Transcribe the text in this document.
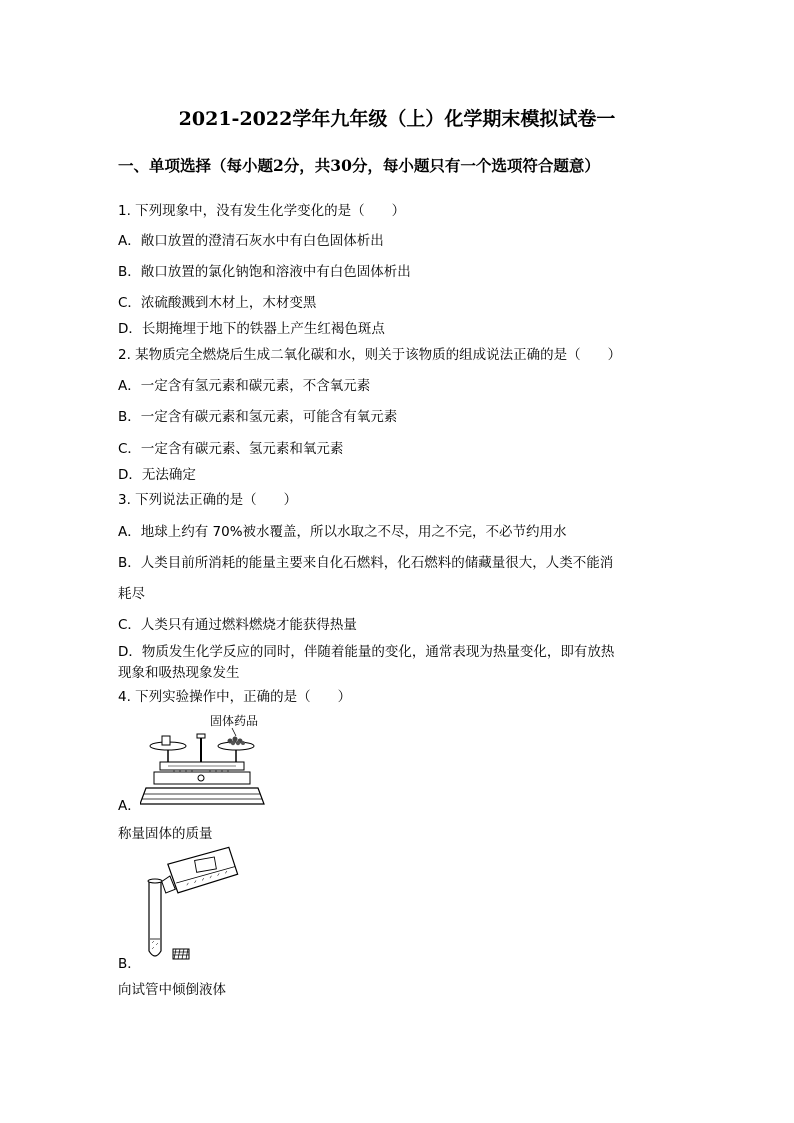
2021-2022学年九年级（上）化学期末模拟试卷一
一、单项选择（每小题2分，共30分，每小题只有一个选项符合题意）
1. 下列现象中，没有发生化学变化的是（　　）
A．敞口放置的澄清石灰水中有白色固体析出
B．敞口放置的氯化钠饱和溶液中有白色固体析出
C．浓硫酸溅到木材上，木材变黑
D．长期掩埋于地下的铁器上产生红褐色斑点
2. 某物质完全燃烧后生成二氧化碳和水，则关于该物质的组成说法正确的是（　　）
A．一定含有氢元素和碳元素，不含氧元素
B．一定含有碳元素和氢元素，可能含有氧元素
C．一定含有碳元素、氢元素和氧元素
D．无法确定
3. 下列说法正确的是（　　）
A．地球上约有 70%被水覆盖，所以水取之不尽，用之不完，不必节约用水
B．人类目前所消耗的能量主要来自化石燃料，化石燃料的储藏量很大，人类不能消
耗尽
C．人类只有通过燃料燃烧才能获得热量
D．物质发生化学反应的同时，伴随着能量的变化，通常表现为热量变化，即有放热
现象和吸热现象发生
4. 下列实验操作中，正确的是（　　）
固体药品
A．
称量固体的质量
B．
向试管中倾倒液体
